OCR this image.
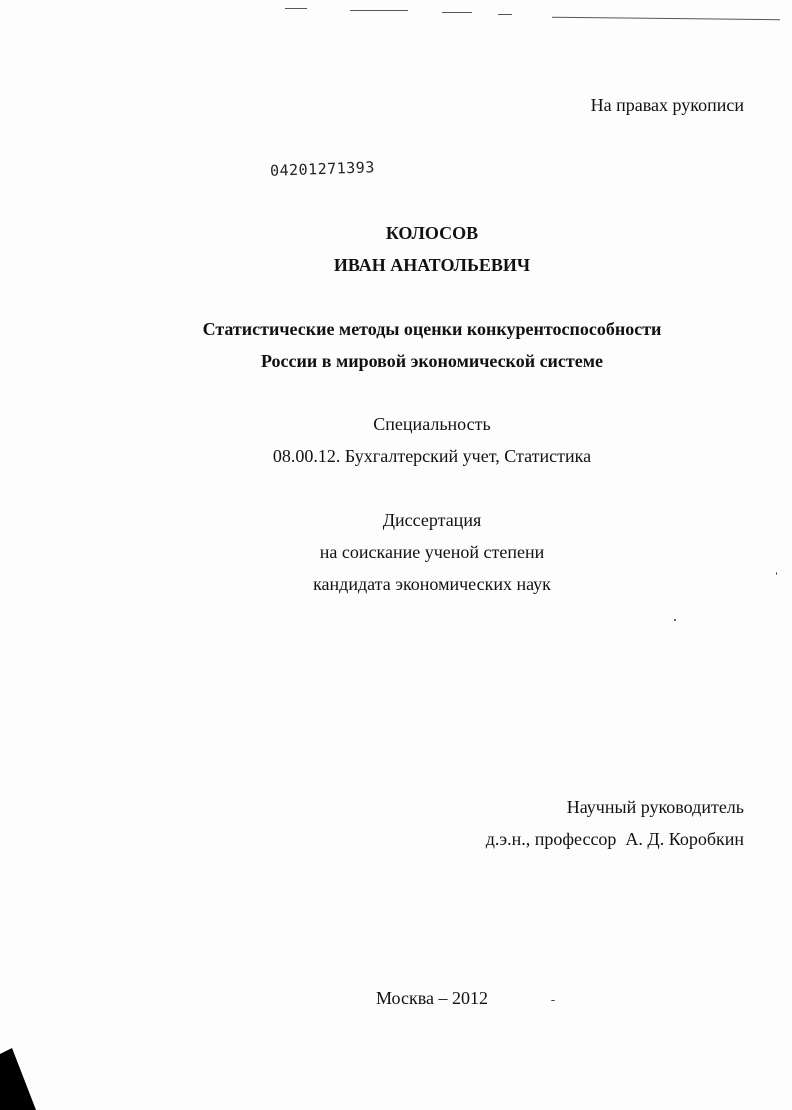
На правах рукописи
04201271393
КОЛОСОВ
ИВАН АНАТОЛЬЕВИЧ
Статистические методы оценки конкурентоспособности
России в мировой экономической системе
Специальность
08.00.12. Бухгалтерский учет, Статистика
Диссертация
на соискание ученой степени
кандидата экономических наук
Научный руководитель
д.э.н., профессор  А. Д. Коробкин
Москва – 2012
